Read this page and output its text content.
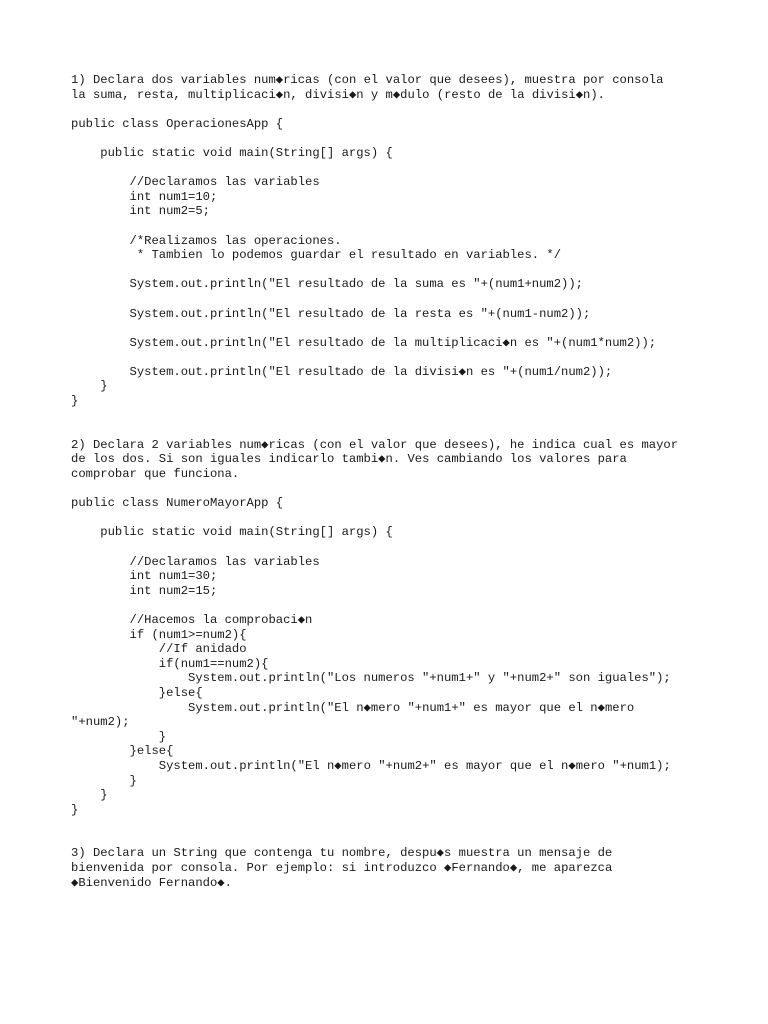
1) Declara dos variables num◆ricas (con el valor que desees), muestra por consola
la suma, resta, multiplicaci◆n, divisi◆n y m◆dulo (resto de la divisi◆n).
public class OperacionesApp {
public static void main(String[] args) {
//Declaramos las variables
int num1=10;
int num2=5;
/*Realizamos las operaciones.
* Tambien lo podemos guardar el resultado en variables. */
System.out.println("El resultado de la suma es "+(num1+num2));
System.out.println("El resultado de la resta es "+(num1-num2));
System.out.println("El resultado de la multiplicaci◆n es "+(num1*num2));
System.out.println("El resultado de la divisi◆n es "+(num1/num2));
}
}
2) Declara 2 variables num◆ricas (con el valor que desees), he indica cual es mayor
de los dos. Si son iguales indicarlo tambi◆n. Ves cambiando los valores para
comprobar que funciona.
public class NumeroMayorApp {
public static void main(String[] args) {
//Declaramos las variables
int num1=30;
int num2=15;
//Hacemos la comprobaci◆n
if (num1>=num2){
//If anidado
if(num1==num2){
System.out.println("Los numeros "+num1+" y "+num2+" son iguales");
}else{
System.out.println("El n◆mero "+num1+" es mayor que el n◆mero
"+num2);
}
}else{
System.out.println("El n◆mero "+num2+" es mayor que el n◆mero "+num1);
}
}
}
3) Declara un String que contenga tu nombre, despu◆s muestra un mensaje de
bienvenida por consola. Por ejemplo: si introduzco ◆Fernando◆, me aparezca
◆Bienvenido Fernando◆.
